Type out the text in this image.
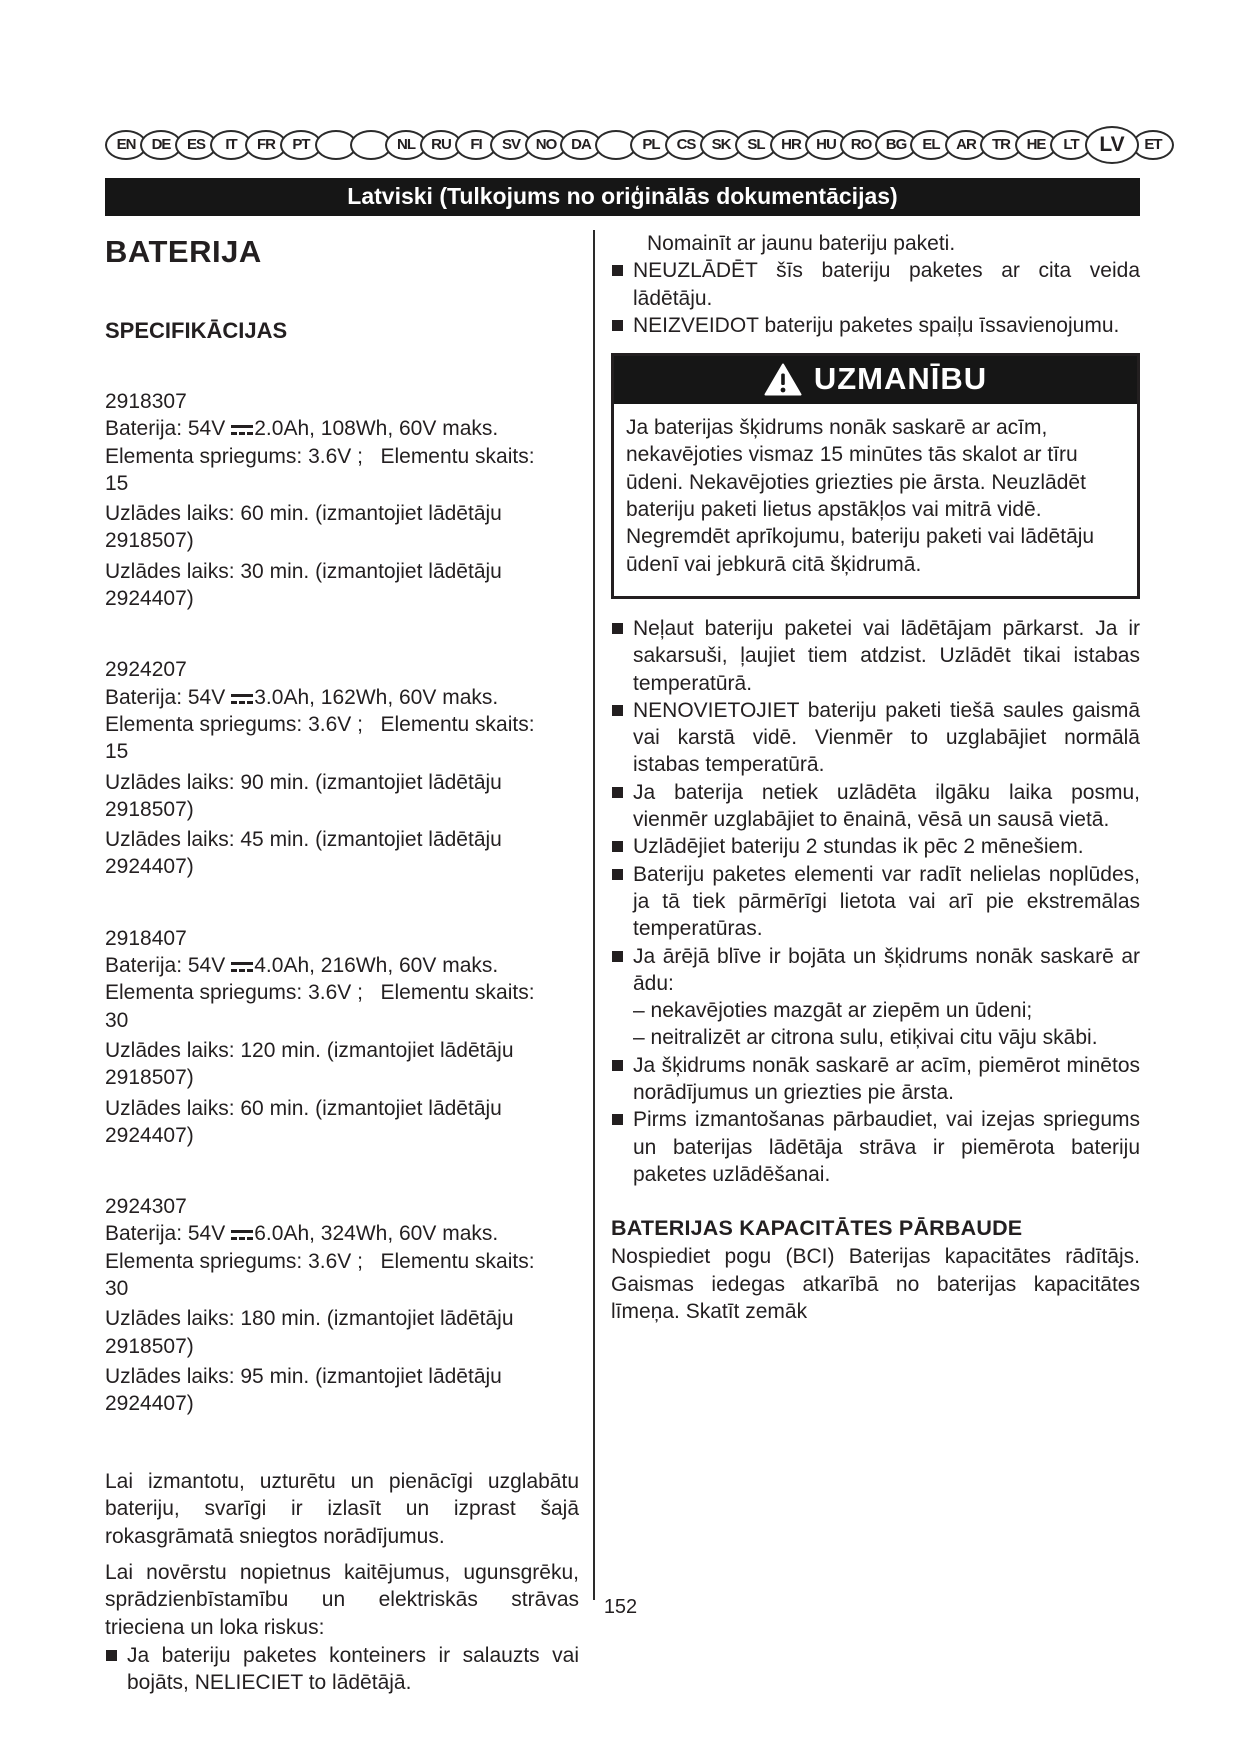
EN	DE	ES	IT	FR	PT	NL	RU	FI	SV	NO DA	PL	CS	SK	SL	HR	HU RO BG	EL	AR	TR	HE	LT LV	ET
Latviski (Tulkojums no oriģinālās dokumentācijas)
BATERIJA
SPECIFIKĀCIJAS

2918307

Baterija: 54V 2.0Ah, 108Wh, 60V maks.

Elementa spriegums: 3.6V ;   Elementu skaits:

15

Uzlādes laiks: 60 min. (izmantojiet lādētāju 2918507)

Uzlādes laiks: 30 min. (izmantojiet lādētāju 2924407)

2924207

Baterija: 54V 3.0Ah, 162Wh, 60V maks.

Elementa spriegums: 3.6V ;   Elementu skaits:

15

Uzlādes laiks: 90 min. (izmantojiet lādētāju 2918507)

Uzlādes laiks: 45 min. (izmantojiet lādētāju 2924407)

2918407

Baterija: 54V 4.0Ah, 216Wh, 60V maks.

Elementa spriegums: 3.6V ;   Elementu skaits:

30

Uzlādes laiks: 120 min. (izmantojiet lādētāju 2918507)

Uzlādes laiks: 60 min. (izmantojiet lādētāju 2924407)

2924307

Baterija: 54V 6.0Ah, 324Wh, 60V maks.

Elementa spriegums: 3.6V ;   Elementu skaits:

30

Uzlādes laiks: 180 min. (izmantojiet lādētāju 2918507)

Uzlādes laiks: 95 min. (izmantojiet lādētāju 2924407)

Lai izmantotu, uzturētu un pienācīgi uzglabātu bateriju, svarīgi ir izlasīt un izprast šajā rokasgrāmatā sniegtos norādījumus.

Lai novērstu nopietnus kaitējumus, ugunsgrēku, sprādzienbīstamību un elektriskās strāvas trieciena un loka riskus:

Ja bateriju paketes konteiners ir salauzts vai bojāts, NELIECIET to lādētājā.

Nomainīt ar jaunu bateriju paketi.

NEUZLĀDĒT šīs bateriju paketes ar cita veida lādētāju.
NEIZVEIDOT bateriju paketes spaiļu īssavienojumu.
UZMANĪBU

Ja baterijas šķidrums nonāk saskarē ar acīm, nekavējoties vismaz 15 minūtes tās skalot ar tīru ūdeni. Nekavējoties griezties pie ārsta. Neuzlādēt bateriju paketi lietus apstākļos vai mitrā vidē. Negremdēt aprīkojumu, bateriju paketi vai lādētāju ūdenī vai jebkurā citā šķidrumā.

Neļaut bateriju paketei vai lādētājam pārkarst. Ja ir sakarsuši, ļaujiet tiem atdzist. Uzlādēt tikai istabas temperatūrā.
NENOVIETOJIET bateriju paketi tiešā saules gaismā vai karstā vidē. Vienmēr to uzglabājiet normālā istabas temperatūrā.
Ja baterija netiek uzlādēta ilgāku laika posmu, vienmēr uzglabājiet to ēnainā, vēsā un sausā vietā.
Uzlādējiet bateriju 2 stundas ik pēc 2 mēnešiem.
Bateriju paketes elementi var radīt nelielas noplūdes, ja tā tiek pārmērīgi lietota vai arī pie ekstremālas temperatūras.
Ja ārējā blīve ir bojāta un šķidrums nonāk saskarē ar ādu:
– nekavējoties mazgāt ar ziepēm un ūdeni;
– neitralizēt ar citrona sulu, etiķivai citu vāju skābi.
Ja šķidrums nonāk saskarē ar acīm, piemērot minētos norādījumus un griezties pie ārsta.
Pirms izmantošanas pārbaudiet, vai izejas spriegums un baterijas lādētāja strāva ir piemērota bateriju paketes uzlādēšanai.
BATERIJAS KAPACITĀTES PĀRBAUDE

Nospiediet pogu (BCI) Baterijas kapacitātes rādītājs. Gaismas iedegas atkarībā no baterijas kapacitātes līmeņa. Skatīt zemāk

152
